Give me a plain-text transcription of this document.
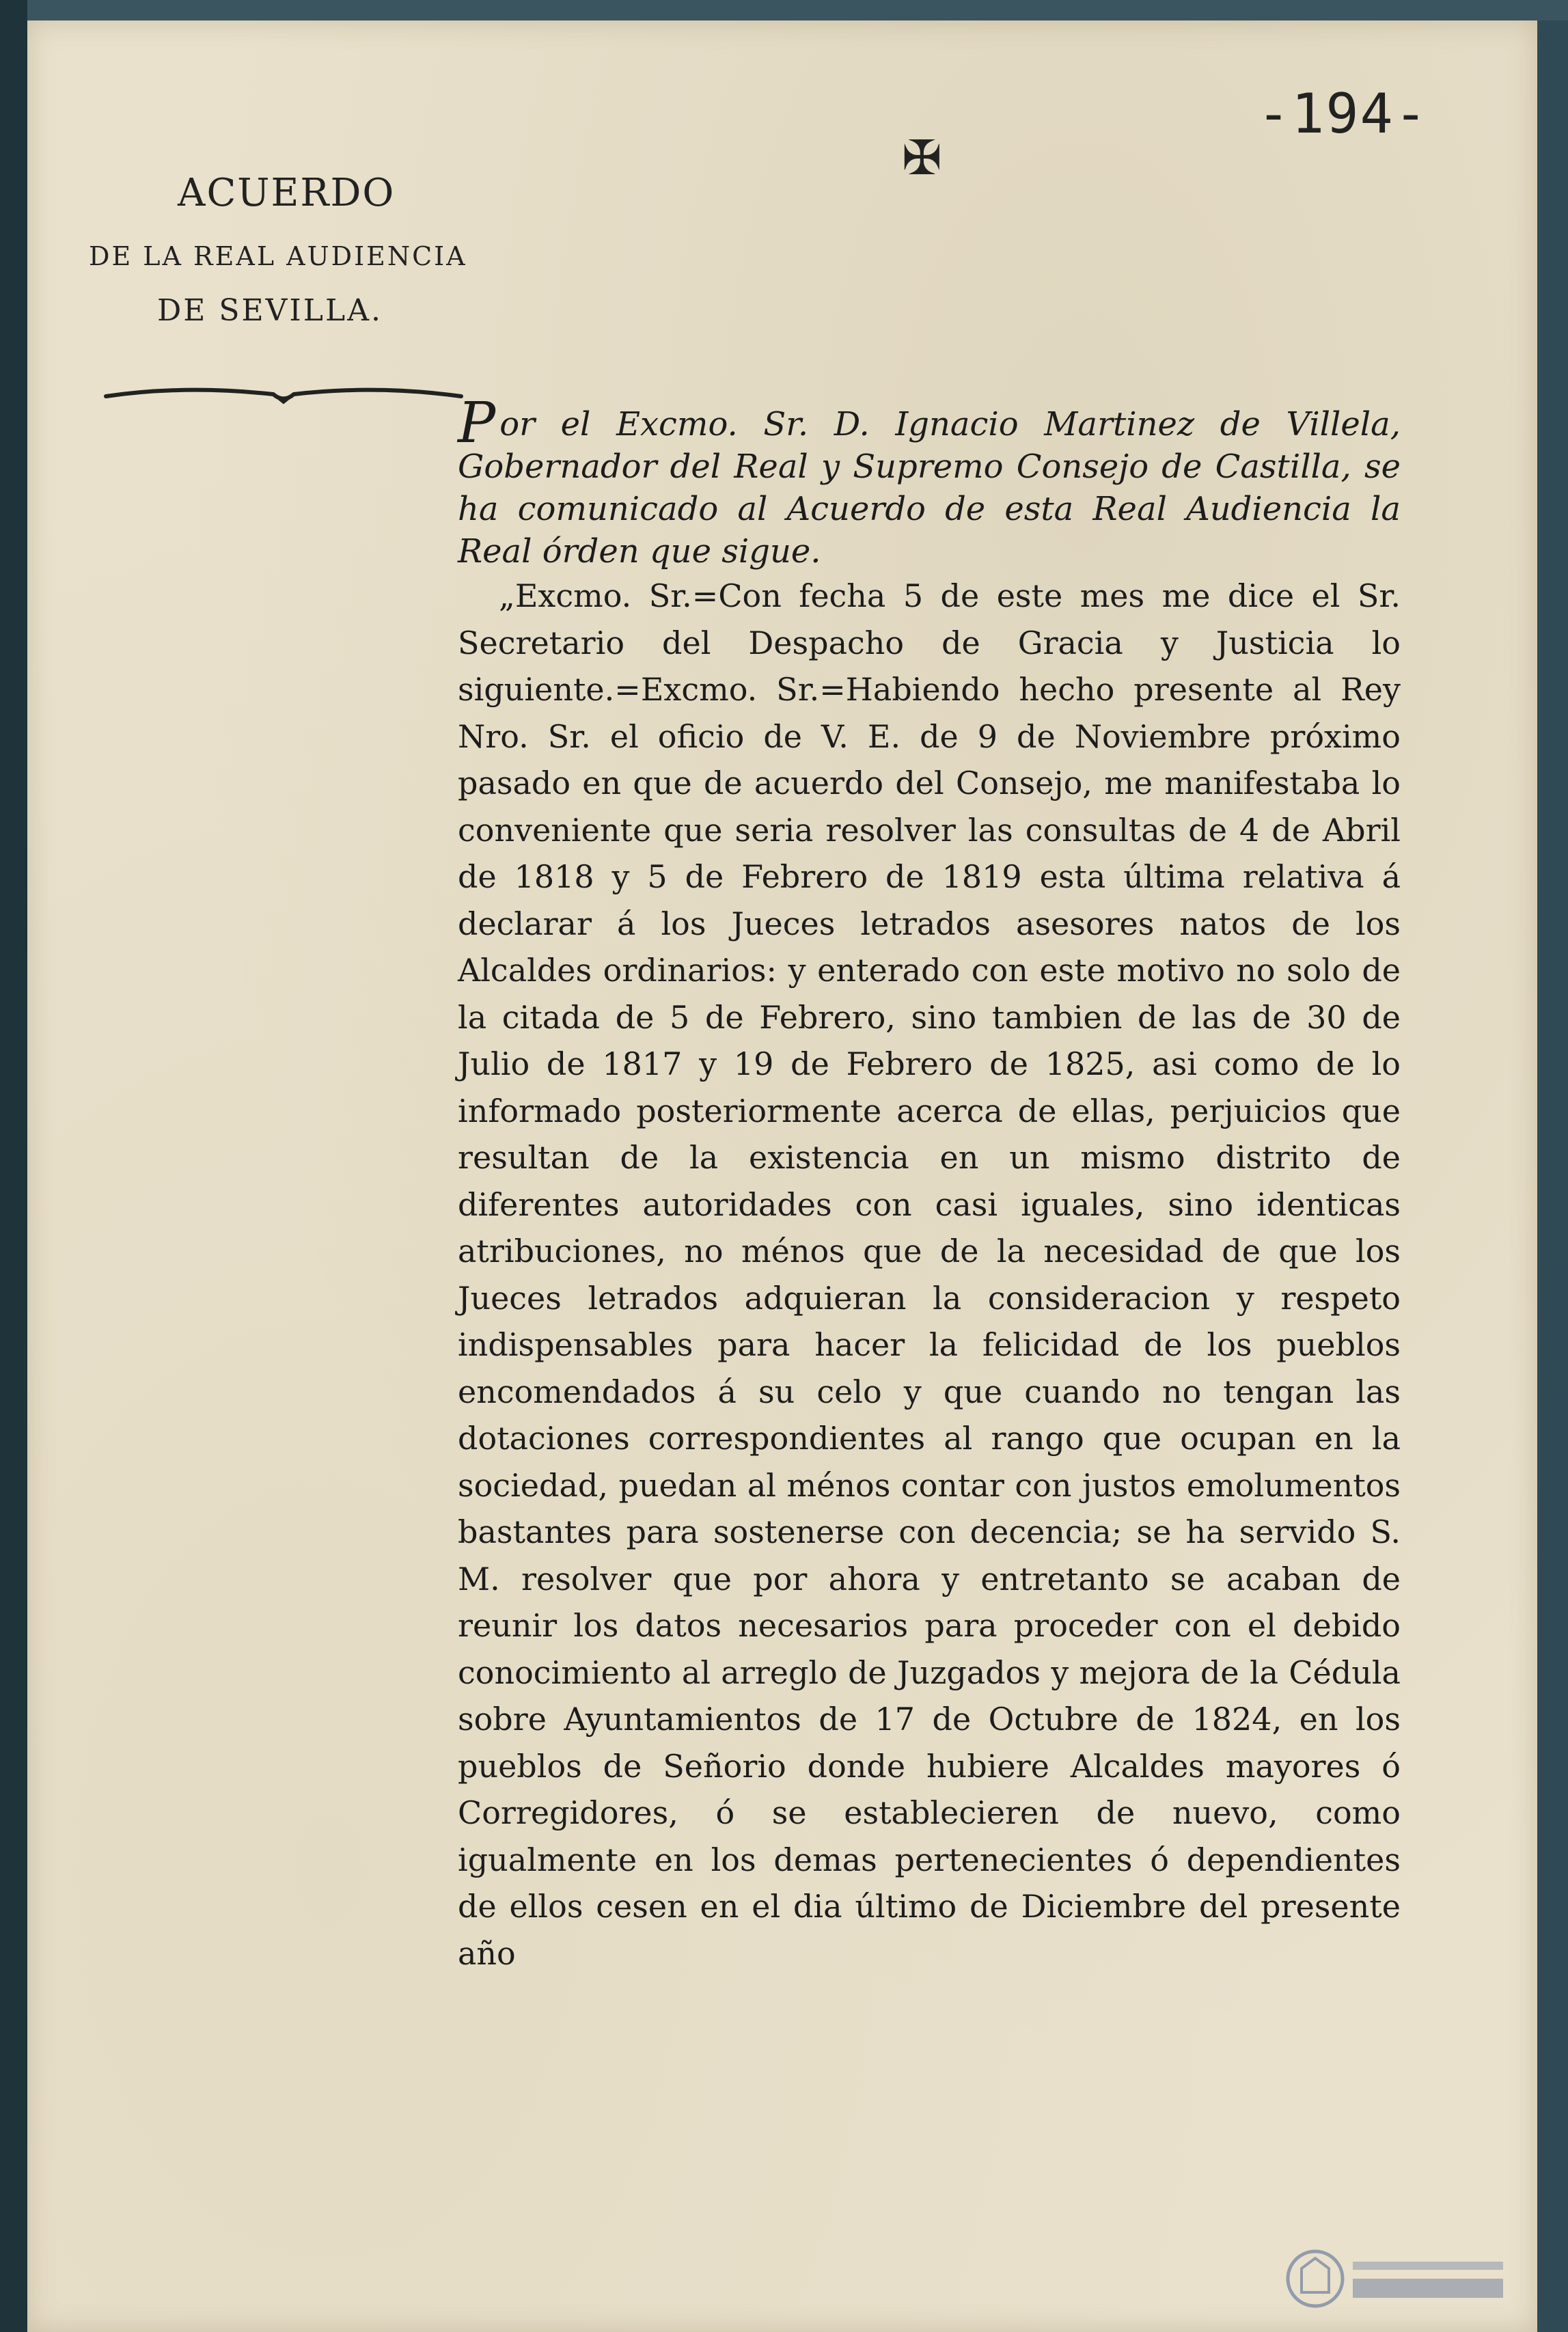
-194-
✠
ACUERDO
DE LA REAL AUDIENCIA
DE SEVILLA.

Por el Excmo. Sr. D. Ignacio Martinez de Villela, Gobernador del Real y Supremo Consejo de Castilla, se ha comunicado al Acuerdo de esta Real Audiencia la Real órden que sigue.

„Excmo. Sr.=Con fecha 5 de este mes me dice el Sr. Secretario del Despacho de Gracia y Justicia lo siguiente.=Excmo. Sr.=Habiendo hecho presente al Rey Nro. Sr. el oficio de V. E. de 9 de Noviembre próximo pasado en que de acuerdo del Consejo, me manifestaba lo conveniente que seria resolver las consultas de 4 de Abril de 1818 y 5 de Febrero de 1819 esta última relativa á declarar á los Jueces letrados asesores natos de los Alcaldes ordinarios: y enterado con este motivo no solo de la citada de 5 de Febrero, sino tambien de las de 30 de Julio de 1817 y 19 de Febrero de 1825, asi como de lo informado posteriormente acerca de ellas, perjuicios que resultan de la existencia en un mismo distrito de diferentes autoridades con casi iguales, sino identicas atribuciones, no ménos que de la necesidad de que los Jueces letrados adquieran la consideracion y respeto indispensables para hacer la felicidad de los pueblos encomendados á su celo y que cuando no tengan las dotaciones correspondientes al rango que ocupan en la sociedad, puedan al ménos contar con justos emolumentos bastantes para sostenerse con decencia; se ha servido S. M. resolver que por ahora y entretanto se acaban de reunir los datos necesarios para proceder con el debido conocimiento al arreglo de Juzgados y mejora de la Cédula sobre Ayuntamientos de 17 de Octubre de 1824, en los pueblos de Señorio donde hubiere Alcaldes mayores ó Corregidores, ó se establecieren de nuevo, como igualmente en los demas pertenecientes ó dependientes de ellos cesen en el dia último de Diciembre del presente año
